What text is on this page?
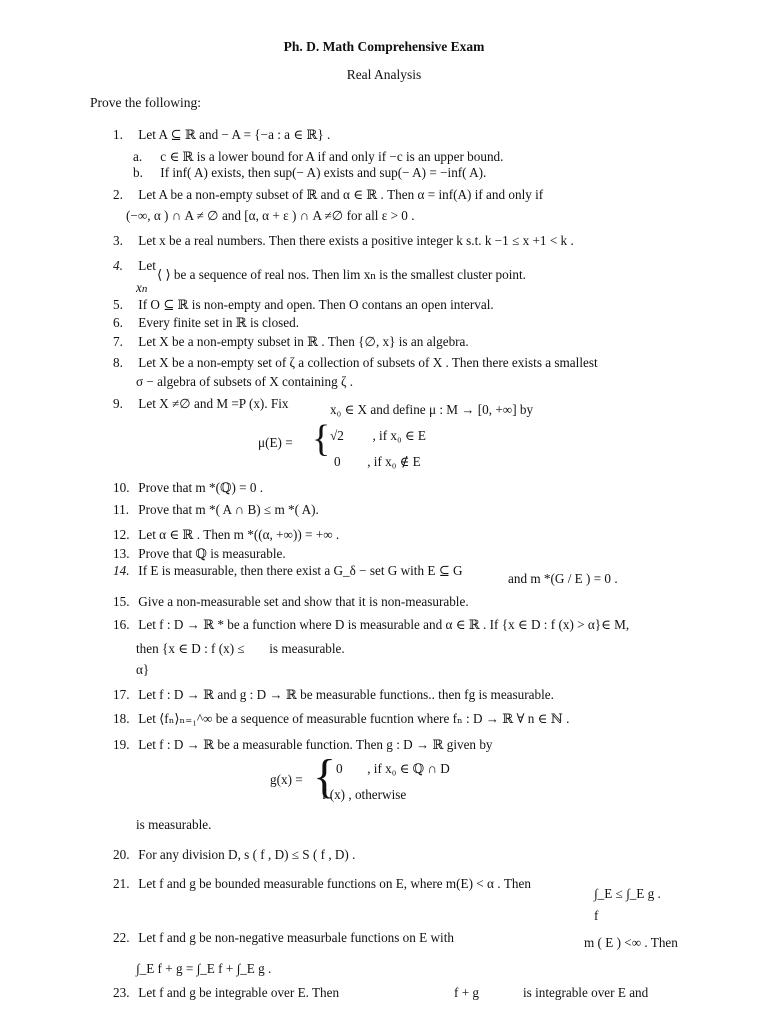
Ph. D. Math Comprehensive Exam
Real Analysis
Prove the following:
1. Let A ⊆ ℝ and − A = {−a : a ∈ ℝ} .
a. c ∈ ℝ is a lower bound for A if and only if −c is an upper bound.
b. If inf( A) exists, then sup(− A) exists and sup(− A) = −inf( A).
2. Let A be a non-empty subset of ℝ and α ∈ ℝ . Then α = inf(A) if and only if
(−∞, α ) ∩ A ≠ ∅ and [α, α + ε ) ∩ A ≠∅ for all ε > 0 .
3. Let x be a real numbers. Then there exists a positive integer k s.t. k −1 ≤ x +1 < k .
4. Let
xn
⟨ ⟩ be a sequence of real nos. Then lim xn is the smallest cluster point.
5. If O ⊆ ℝ is non-empty and open. Then O contans an open interval.
6. Every finite set in ℝ is closed.
7. Let X be a non-empty subset in ℝ . Then {∅, x} is an algebra.
8. Let X be a non-empty set of ζ a collection of subsets of X . Then there exists a smallest
σ − algebra of subsets of X containing ζ .
9. Let X ≠∅ and M =P (x). Fix	x₀ ∈ X and define μ : M → [0, +∞] by
μ(E) = { √2 , if x₀ ∈ E
0 , if x₀ ∉ E
10. Prove that m *(ℚ) = 0 .
11. Prove that m *( A ∩ B) ≤ m *( A).
12. Let α ∈ ℝ . Then m *((α, +∞)) = +∞ .
13. Prove that ℚ is measurable.
14. If E is measurable, then there exist a G_δ − set G with E ⊆ G
and m *(G / E ) = 0 .
15. Give a non-measurable set and show that it is non-measurable.
16. Let f : D → ℝ * be a function where D is measurable and α ∈ ℝ . If {x ∈ D : f (x) > α}∈ M,
then {x ∈ D : f (x) ≤ is measurable.
α}
17. Let f : D → ℝ and g : D → ℝ be measurable functions.. then fg is measurable.
18. Let ⟨fₙ⟩ₙ₌₁^∞ be a sequence of measurable fucntion where fₙ : D → ℝ ∀ n ∈ ℕ .
19. Let f : D → ℝ be a measurable function. Then g : D → ℝ given by
g(x) = { 0 , if x₀ ∈ ℚ ∩ D
f (x) , otherwise
is measurable.
20. For any division D, s ( f , D) ≤ S ( f , D) .
21. Let f and g be bounded measurable functions on E, where m(E) < α . Then
∫_E ≤ ∫_E g .
f
22. Let f and g be non-negative measurbale functions on E with	m ( E ) <∞ . Then
∫_E f + g = ∫_E f + ∫_E g .
23. Let f and g be integrable over E. Then	f + g	is integrable over E and
